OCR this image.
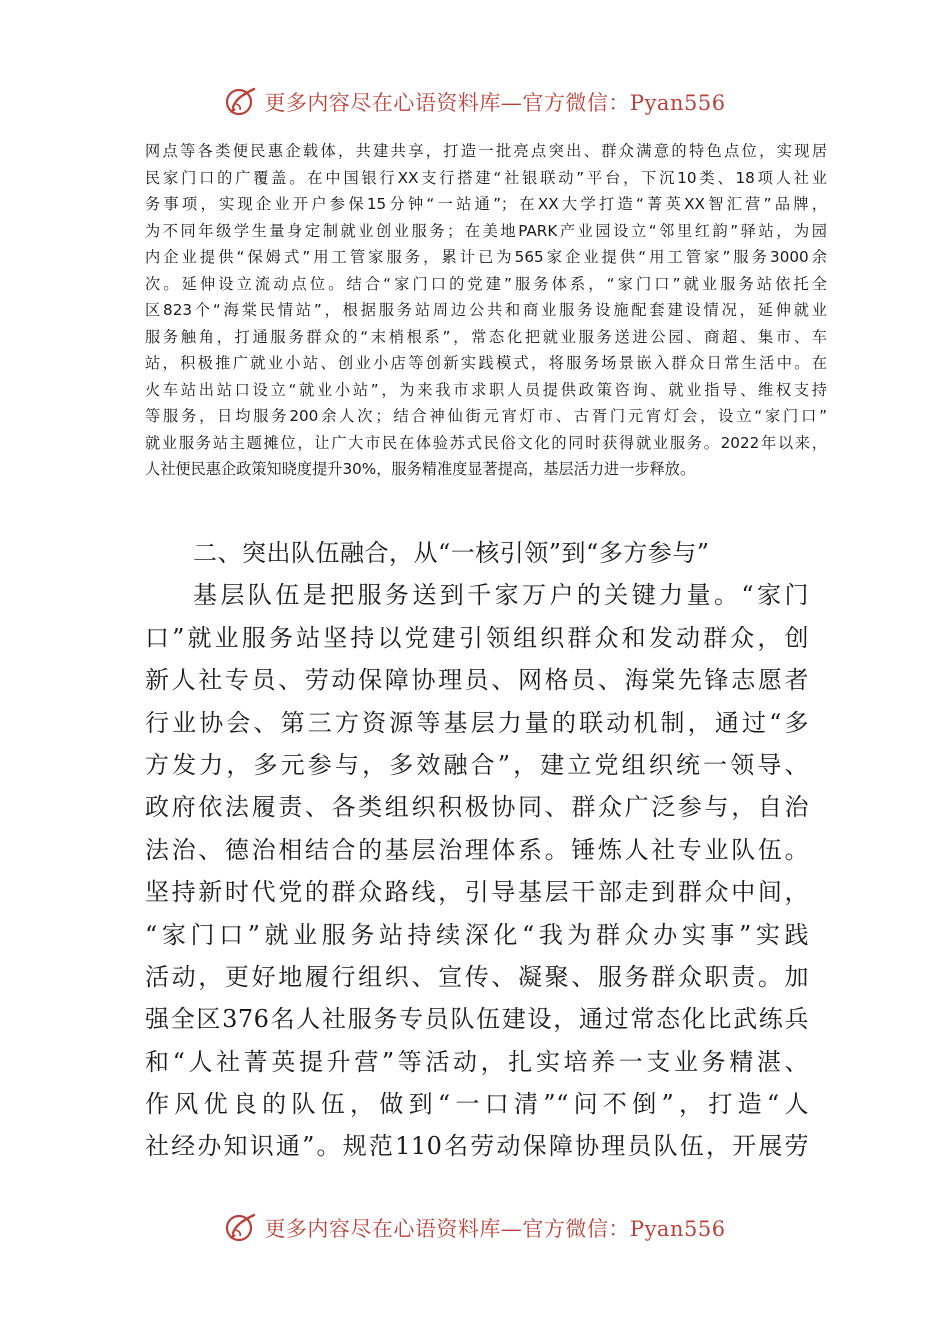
更多内容尽在心语资料库—官方微信：Pyan556
网点等各类便民惠企载体，共建共享，打造一批亮点突出、群众满意的特色点位，实现居
民家门口的广覆盖。在中国银行XX支行搭建“社银联动”平台，下沉10类、18项人社业
务事项，实现企业开户参保15分钟“一站通”；在XX大学打造“菁英XX智汇营”品牌，
为不同年级学生量身定制就业创业服务；在美地PARK产业园设立“邻里红韵”驿站，为园
内企业提供“保姆式”用工管家服务，累计已为565家企业提供“用工管家”服务3000余
次。延伸设立流动点位。结合“家门口的党建”服务体系，“家门口”就业服务站依托全
区823个“海棠民情站”，根据服务站周边公共和商业服务设施配套建设情况，延伸就业
服务触角，打通服务群众的“末梢根系”，常态化把就业服务送进公园、商超、集市、车
站，积极推广就业小站、创业小店等创新实践模式，将服务场景嵌入群众日常生活中。在
火车站出站口设立“就业小站”，为来我市求职人员提供政策咨询、就业指导、维权支持
等服务，日均服务200余人次；结合神仙街元宵灯市、古胥门元宵灯会，设立“家门口”
就业服务站主题摊位，让广大市民在体验苏式民俗文化的同时获得就业服务。2022年以来，
人社便民惠企政策知晓度提升30%，服务精准度显著提高，基层活力进一步释放。
二、突出队伍融合，从“一核引领”到“多方参与”
基层队伍是把服务送到千家万户的关键力量。“家门
口”就业服务站坚持以党建引领组织群众和发动群众，创
新人社专员、劳动保障协理员、网格员、海棠先锋志愿者
行业协会、第三方资源等基层力量的联动机制，通过“多
方发力，多元参与，多效融合”，建立党组织统一领导、
政府依法履责、各类组织积极协同、群众广泛参与，自治
法治、德治相结合的基层治理体系。锤炼人社专业队伍。
坚持新时代党的群众路线，引导基层干部走到群众中间，
“家门口”就业服务站持续深化“我为群众办实事”实践
活动，更好地履行组织、宣传、凝聚、服务群众职责。加
强全区376名人社服务专员队伍建设，通过常态化比武练兵
和“人社菁英提升营”等活动，扎实培养一支业务精湛、
作风优良的队伍，做到“一口清”“问不倒”，打造“人
社经办知识通”。规范110名劳动保障协理员队伍，开展劳
更多内容尽在心语资料库—官方微信：Pyan556
